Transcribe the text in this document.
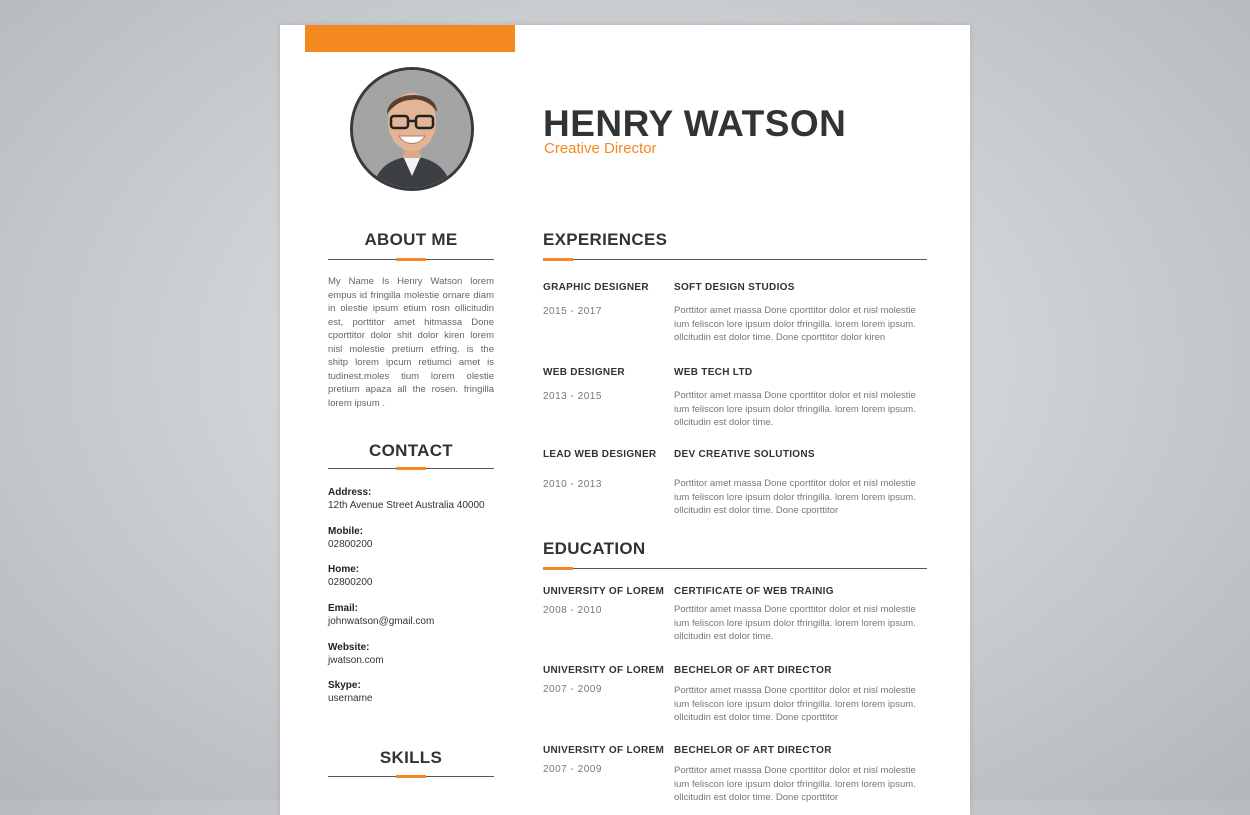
HENRY WATSON
Creative Director
ABOUT ME

My Name Is Henry Watson lorem empus id fringilla molestie ornare diam in olestie ipsum etium rosn ollicitudin est, porttitor amet hitmassa Done cporttitor dolor shit dolor kiren lorem nisl molestie pretium etfring. is the shitp lorem ipcum retiumci amet is tudinest.moles tium lorem olestie pretium apaza all the rosen. fringilla lorem ipsum .

CONTACT
Address:
12th Avenue Street Australia 40000
Mobile:
02800200
Home:
02800200
Email:
johnwatson@gmail.com
Website:
jwatson.com
Skype:
username
SKILLS
EXPERIENCES
GRAPHIC DESIGNER
2015 - 2017
SOFT DESIGN STUDIOS

Porttitor amet massa Done cporttitor dolor et nisl molestie ium feliscon lore ipsum dolor tfringilla. lorem lorem ipsum. ollcitudin est dolor time. Done cporttitor dolor kiren

WEB DESIGNER
2013 - 2015
WEB TECH LTD

Porttitor amet massa Done cporttitor dolor et nisl molestie ium feliscon lore ipsum dolor tfringilla. lorem lorem ipsum. ollcitudin est dolor time.

LEAD WEB DESIGNER
2010 - 2013
DEV CREATIVE SOLUTIONS

Porttitor amet massa Done cporttitor dolor et nisl molestie ium feliscon lore ipsum dolor tfringilla. lorem lorem ipsum. ollcitudin est dolor time. Done cporttitor

EDUCATION
UNIVERSITY OF LOREM
2008 - 2010
CERTIFICATE OF WEB TRAINIG

Porttitor amet massa Done cporttitor dolor et nisl molestie ium feliscon lore ipsum dolor tfringilla. lorem lorem ipsum. ollcitudin est dolor time.

UNIVERSITY OF LOREM
2007 - 2009
BECHELOR OF ART DIRECTOR

Porttitor amet massa Done cporttitor dolor et nisl molestie ium feliscon lore ipsum dolor tfringilla. lorem lorem ipsum. ollcitudin est dolor time. Done cporttitor

UNIVERSITY OF LOREM
2007 - 2009
BECHELOR OF ART DIRECTOR

Porttitor amet massa Done cporttitor dolor et nisl molestie ium feliscon lore ipsum dolor tfringilla. lorem lorem ipsum. ollcitudin est dolor time. Done cporttitor
